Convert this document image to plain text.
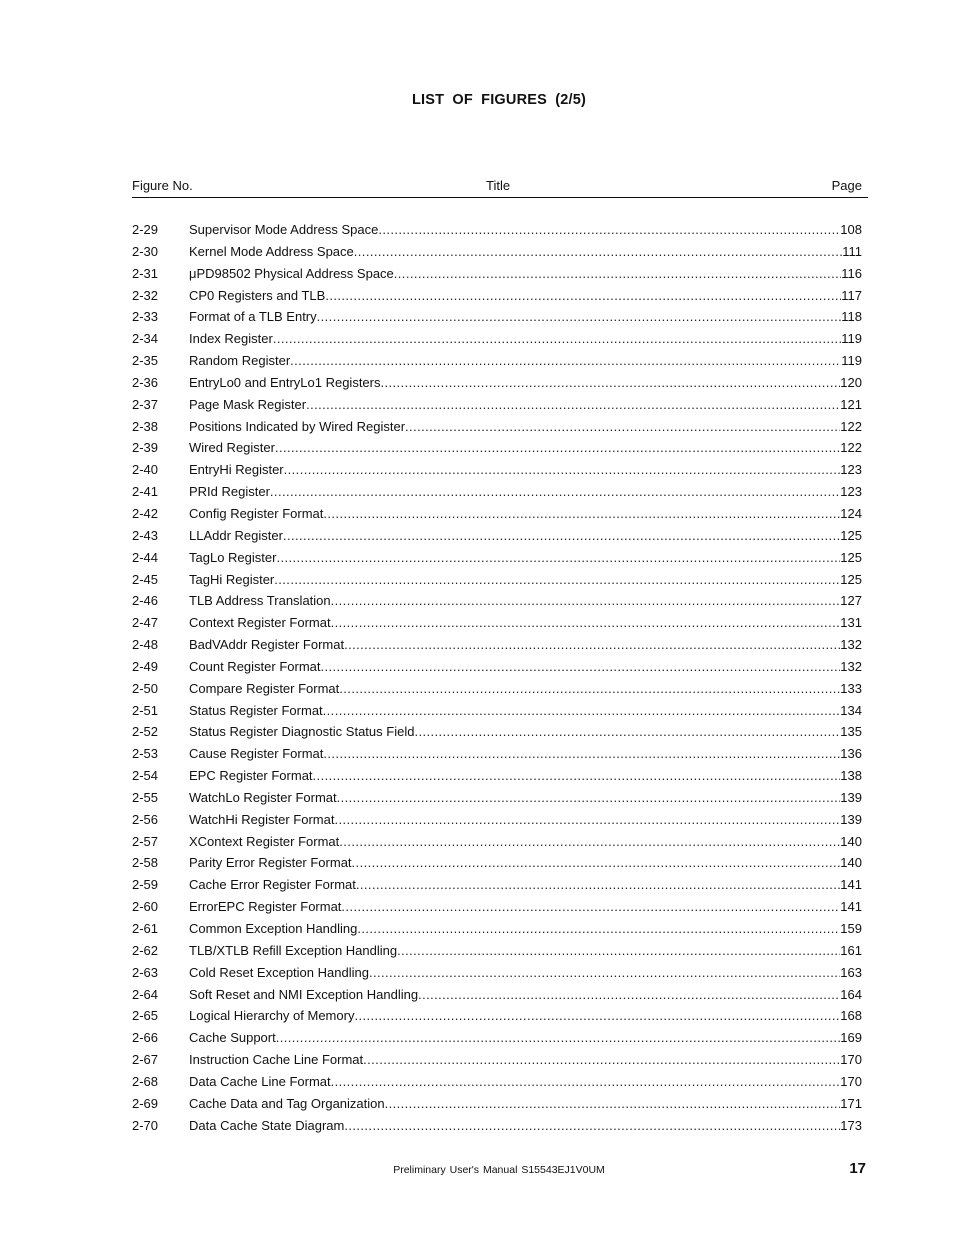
LIST OF FIGURES (2/5)
Figure No.	Title	Page
2-29 Supervisor Mode Address Space .....	108
2-30 Kernel Mode Address Space .....	111
2-31 μPD98502 Physical Address Space .....	116
2-32 CP0 Registers and TLB .....	117
2-33 Format of a TLB Entry .....	118
2-34 Index Register .....	119
2-35 Random Register .....	119
2-36 EntryLo0 and EntryLo1 Registers .....	120
2-37 Page Mask Register .....	121
2-38 Positions Indicated by Wired Register .....	122
2-39 Wired Register .....	122
2-40 EntryHi Register .....	123
2-41 PRId Register .....	123
2-42 Config Register Format .....	124
2-43 LLAddr Register .....	125
2-44 TagLo Register .....	125
2-45 TagHi Register .....	125
2-46 TLB Address Translation .....	127
2-47 Context Register Format .....	131
2-48 BadVAddr Register Format .....	132
2-49 Count Register Format .....	132
2-50 Compare Register Format .....	133
2-51 Status Register Format .....	134
2-52 Status Register Diagnostic Status Field .....	135
2-53 Cause Register Format .....	136
2-54 EPC Register Format .....	138
2-55 WatchLo Register Format .....	139
2-56 WatchHi Register Format .....	139
2-57 XContext Register Format .....	140
2-58 Parity Error Register Format .....	140
2-59 Cache Error Register Format .....	141
2-60 ErrorEPC Register Format .....	141
2-61 Common Exception Handling .....	159
2-62 TLB/XTLB Refill Exception Handling .....	161
2-63 Cold Reset Exception Handling .....	163
2-64 Soft Reset and NMI Exception Handling .....	164
2-65 Logical Hierarchy of Memory .....	168
2-66 Cache Support .....	169
2-67 Instruction Cache Line Format .....	170
2-68 Data Cache Line Format .....	170
2-69 Cache Data and Tag Organization .....	171
2-70 Data Cache State Diagram .....	173
Preliminary User's Manual S15543EJ1V0UM	17
